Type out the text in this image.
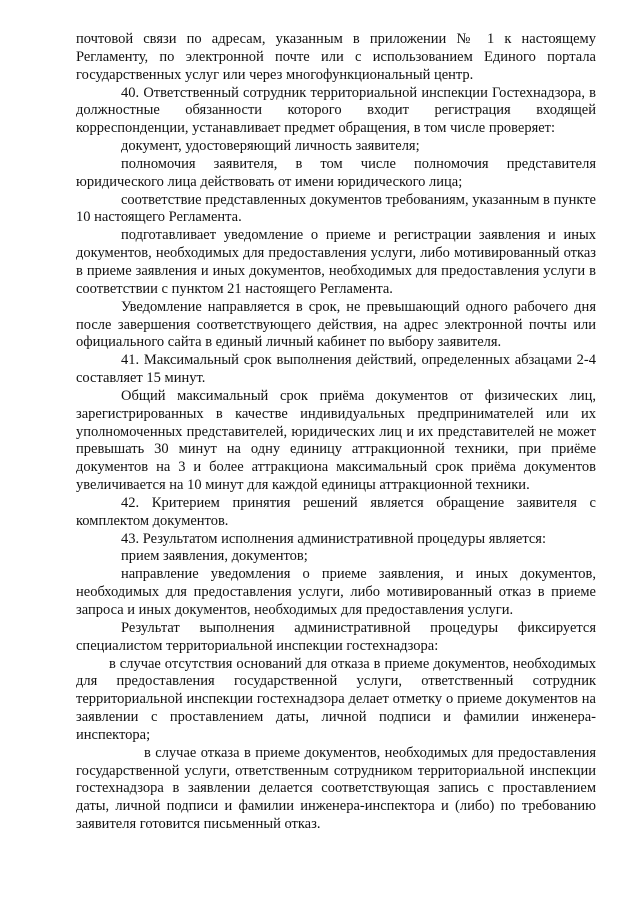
почтовой связи по адресам, указанным в приложении № 1 к настоящему Регламенту, по электронной почте или с использованием Единого портала государственных услуг или через многофункциональный центр.

40. Ответственный сотрудник территориальной инспекции Гостехнадзора, в должностные обязанности которого входит регистрация входящей корреспонденции, устанавливает предмет обращения, в том числе проверяет:

документ, удостоверяющий личность заявителя;

полномочия заявителя, в том числе полномочия представителя юридического лица действовать от имени юридического лица;

соответствие представленных документов требованиям, указанным в пункте 10 настоящего Регламента.

подготавливает уведомление о приеме и регистрации заявления и иных документов, необходимых для предоставления услуги, либо мотивированный отказ в приеме заявления и иных документов, необходимых для предоставления услуги в соответствии с пунктом 21 настоящего Регламента.

Уведомление направляется в срок, не превышающий одного рабочего дня после завершения соответствующего действия, на адрес электронной почты или официального сайта в единый личный кабинет по выбору заявителя.

41. Максимальный срок выполнения действий, определенных абзацами 2-4 составляет 15 минут.

Общий максимальный срок приёма документов от физических лиц, зарегистрированных в качестве индивидуальных предпринимателей или их уполномоченных представителей, юридических лиц и их представителей не может превышать 30 минут на одну единицу аттракционной техники, при приёме документов на 3 и более аттракциона максимальный срок приёма документов увеличивается на 10 минут для каждой единицы аттракционной техники.

42. Критерием принятия решений является обращение заявителя с комплектом документов.

43. Результатом исполнения административной процедуры является:

прием заявления, документов;

направление уведомления о приеме заявления, и иных документов, необходимых для предоставления услуги, либо мотивированный отказ в приеме запроса и иных документов, необходимых для предоставления услуги.

Результат выполнения административной процедуры фиксируется специалистом территориальной инспекции гостехнадзора:

в случае отсутствия оснований для отказа в приеме документов, необходимых для предоставления государственной услуги, ответственный сотрудник территориальной инспекции гостехнадзора делает отметку о приеме документов на заявлении с проставлением даты, личной подписи и фамилии инженера-инспектора;

в случае отказа в приеме документов, необходимых для предоставления государственной услуги, ответственным сотрудником территориальной инспекции гостехнадзора в заявлении делается соответствующая запись с проставлением даты, личной подписи и фамилии инженера-инспектора и (либо) по требованию заявителя готовится письменный отказ.
